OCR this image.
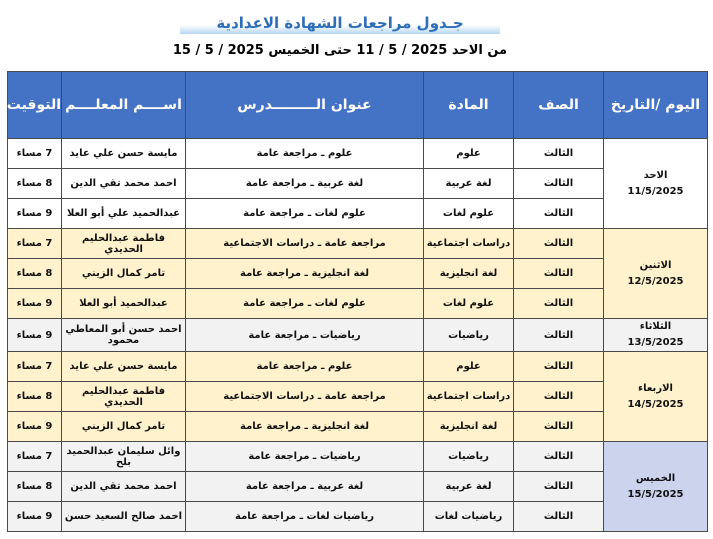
جـدول مراجعات الشهادة الاعدادية
من الاحد 2025 / 5 / 11 حتى الخميس 2025 / 5 / 15
اليوم /التاريخ	الصف	المادة	عنوان الـــــــــدرس	اســــم المعلــــم	التوقيت

الاحد
11/5/2025	الثالث	علوم	علوم ـ مراجعة عامة	مايسة حسن علي عايد	7 مساء
	الثالث	لغة عربية	لغة عربية ـ مراجعة عامة	احمد محمد تقي الدين	8 مساء
	الثالث	علوم لغات	علوم لغات ـ مراجعة عامة	عبدالحميد علي أبو العلا	9 مساء

الاثنين
12/5/2025	الثالث	دراسات اجتماعية	مراجعة عامة ـ دراسات الاجتماعية	فاطمة عبدالحليم الحديدي	7 مساء
	الثالث	لغة انجليزية	لغة انجليزية ـ مراجعة عامة	تامر كمال الزيني	8 مساء
	الثالث	علوم لغات	علوم لغات ـ مراجعة عامة	عبدالحميد أبو العلا	9 مساء

الثلاثاء
13/5/2025	الثالث	رياضيات	رياضيات ـ مراجعة عامة	احمد حسن أبو المعاطي محمود	9 مساء

الاربعاء
14/5/2025	الثالث	علوم	علوم ـ مراجعة عامة	مايسة حسن علي عايد	7 مساء
	الثالث	دراسات اجتماعية	مراجعة عامة ـ دراسات الاجتماعية	فاطمة عبدالحليم الحديدي	8 مساء
	الثالث	لغة انجليزية	لغة انجليزية ـ مراجعة عامة	تامر كمال الزيني	9 مساء

الخميس
15/5/2025	الثالث	رياضيات	رياضيات ـ مراجعة عامة	وائل سليمان عبدالحميد بلح	7 مساء
	الثالث	لغة عربية	لغة عربية ـ مراجعة عامة	احمد محمد تقي الدين	8 مساء
	الثالث	رياضيات لغات	رياضيات لغات ـ مراجعة عامة	احمد صالح السعيد حسن	9 مساء
